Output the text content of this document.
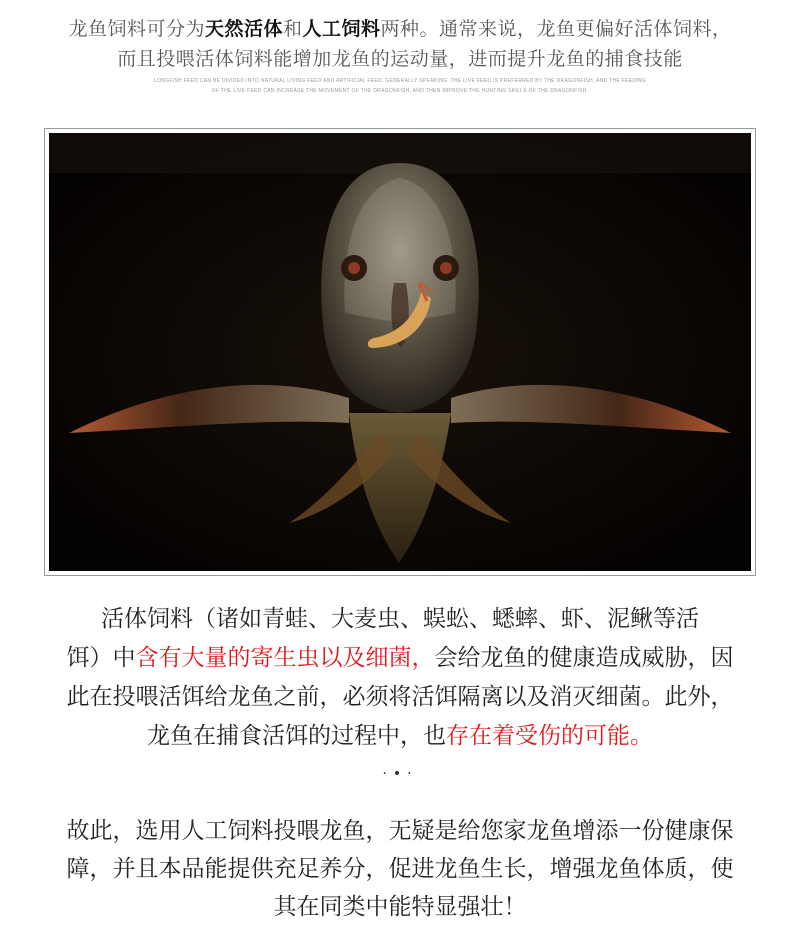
龙鱼饲料可分为天然活体和人工饲料两种。通常来说，龙鱼更偏好活体饲料，
而且投喂活体饲料能增加龙鱼的运动量，进而提升龙鱼的捕食技能
LONGFISH FEED CAN BE DIVIDED INTO NATURAL LIVING FEED AND ARTIFICIAL FEED. GENERALLY SPEAKING, THE LIVE FEED IS PREFERRED BY THE DRAGONFISH, AND THE FEEDING
OF THE LIVE FEED CAN INCREASE THE MOVEMENT OF THE DRAGONFISH, AND THEN IMPROVE THE HUNTING SKILLS OF THE DRAGONFISH.
活体饲料（诸如青蛙、大麦虫、蜈蚣、蟋蟀、虾、泥鳅等活
饵）中含有大量的寄生虫以及细菌，会给龙鱼的健康造成威胁，因
此在投喂活饵给龙鱼之前，必须将活饵隔离以及消灭细菌。此外，
龙鱼在捕食活饵的过程中，也存在着受伤的可能。
·•·
故此，选用人工饲料投喂龙鱼，无疑是给您家龙鱼增添一份健康保
障，并且本品能提供充足养分，促进龙鱼生长，增强龙鱼体质，使
其在同类中能特显强壮！
